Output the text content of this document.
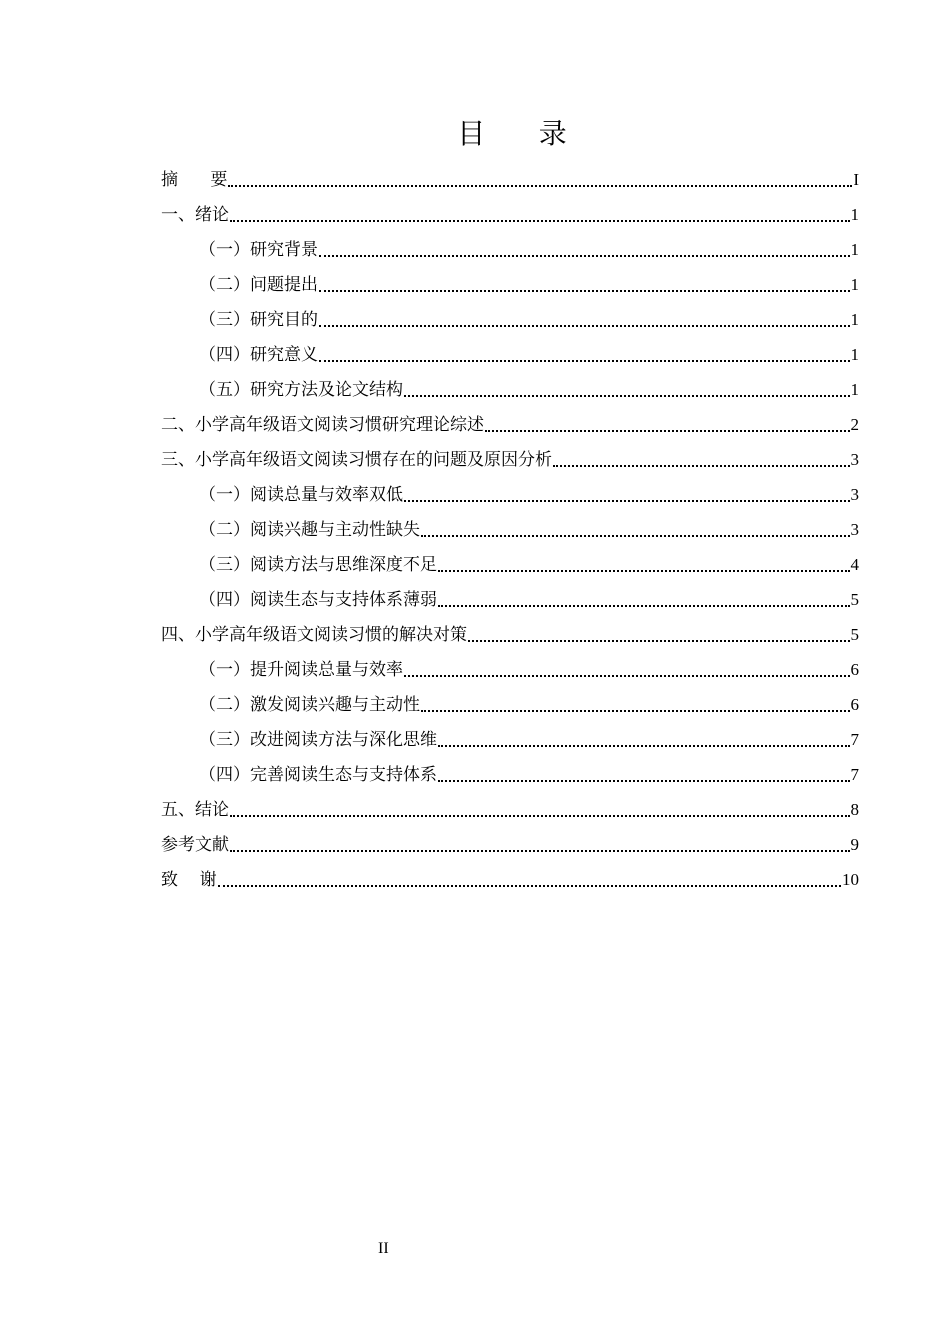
目      录
摘      要	I
一、绪论	1
（一）研究背景	1
（二）问题提出	1
（三）研究目的	1
（四）研究意义	1
（五）研究方法及论文结构	1
二、小学高年级语文阅读习惯研究理论综述	2
三、小学高年级语文阅读习惯存在的问题及原因分析	3
（一）阅读总量与效率双低	3
（二）阅读兴趣与主动性缺失	3
（三）阅读方法与思维深度不足	4
（四）阅读生态与支持体系薄弱	5
四、小学高年级语文阅读习惯的解决对策	5
（一）提升阅读总量与效率	6
（二）激发阅读兴趣与主动性	6
（三）改进阅读方法与深化思维	7
（四）完善阅读生态与支持体系	7
五、结论	8
参考文献	9
致    谢	10
II
